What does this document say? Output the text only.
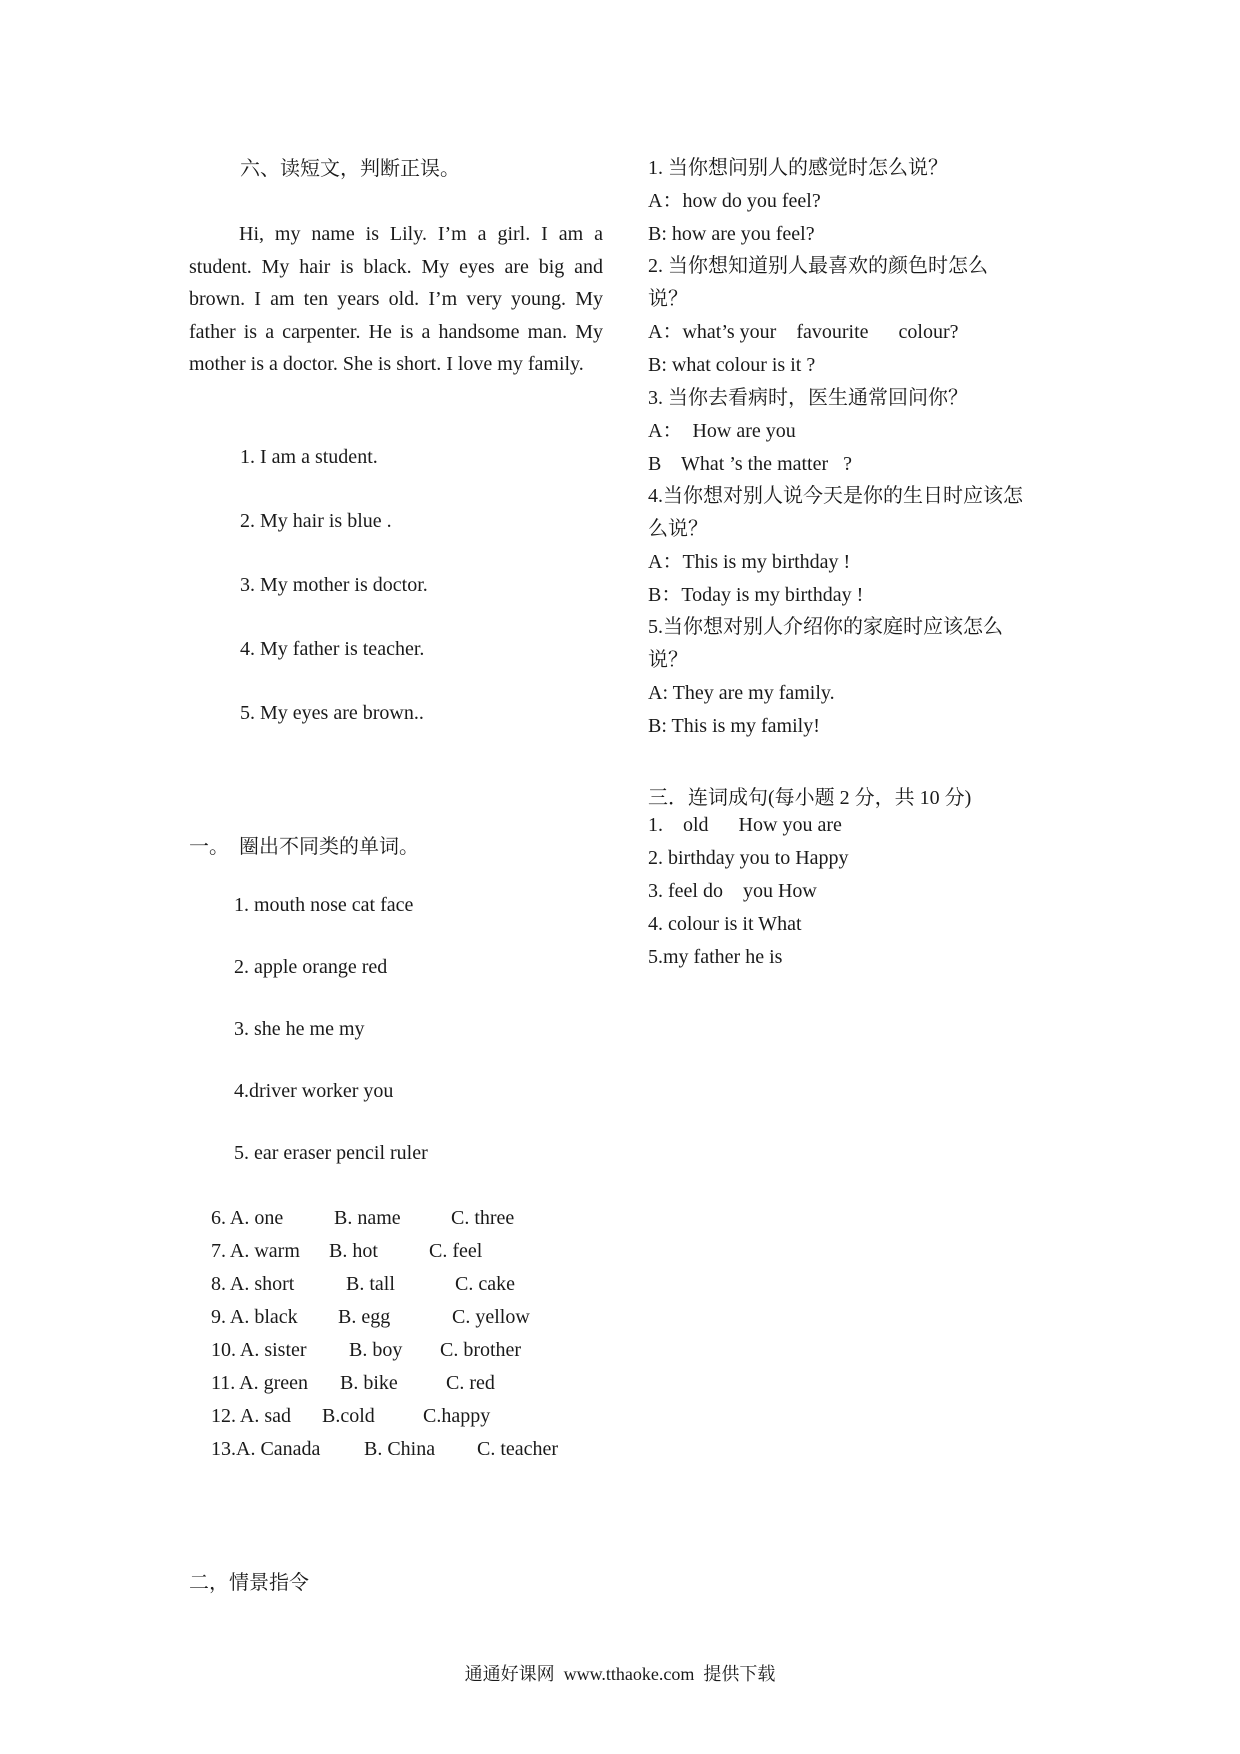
六、读短文，判断正误。
Hi, my name is Lily. I’m a girl. I am a student. My hair is black. My eyes are big and brown. I am ten years old. I’m very young. My father is a carpenter. He is a handsome man. My mother is a doctor. She is short. I love my family.
1. I am a student.
2. My hair is blue .
3. My mother is doctor.
4. My father is teacher.
5. My eyes are brown..
一。  圈出不同类的单词。
1. mouth nose cat face
2. apple orange red
3. she he me my
4.driver worker you
5. ear eraser pencil ruler
6. A. one	B. name	C. three
7. A. warm B. hot	C. feel
8. A. short	B. tall	C. cake
9. A. black B. egg	C. yellow
10. A. sister B. boy C. brother
11. A. green B. bike C. red
12. A. sad B.cold C.happy
13.A. Canada B. China C. teacher
二，情景指令
1. 当你想问别人的感觉时怎么说？
A：how do you feel?
B: how are you feel?
2. 当你想知道别人最喜欢的颜色时怎么
说？
A：what’s your    favourite      colour?
B: what colour is it ?
3. 当你去看病时，医生通常回问你？
A：  How are you
B    What ’s the matter   ?
4.当你想对别人说今天是你的生日时应该怎
么说？
A：This is my birthday !
B：Today is my birthday !
5.当你想对别人介绍你的家庭时应该怎么
说？
A: They are my family.
B: This is my family!
三．连词成句(每小题 2 分，共 10 分)
1.    old      How you are
2. birthday you to Happy
3. feel do    you How
4. colour is it What
5.my father he is
通通好课网  www.tthaoke.com  提供下载
